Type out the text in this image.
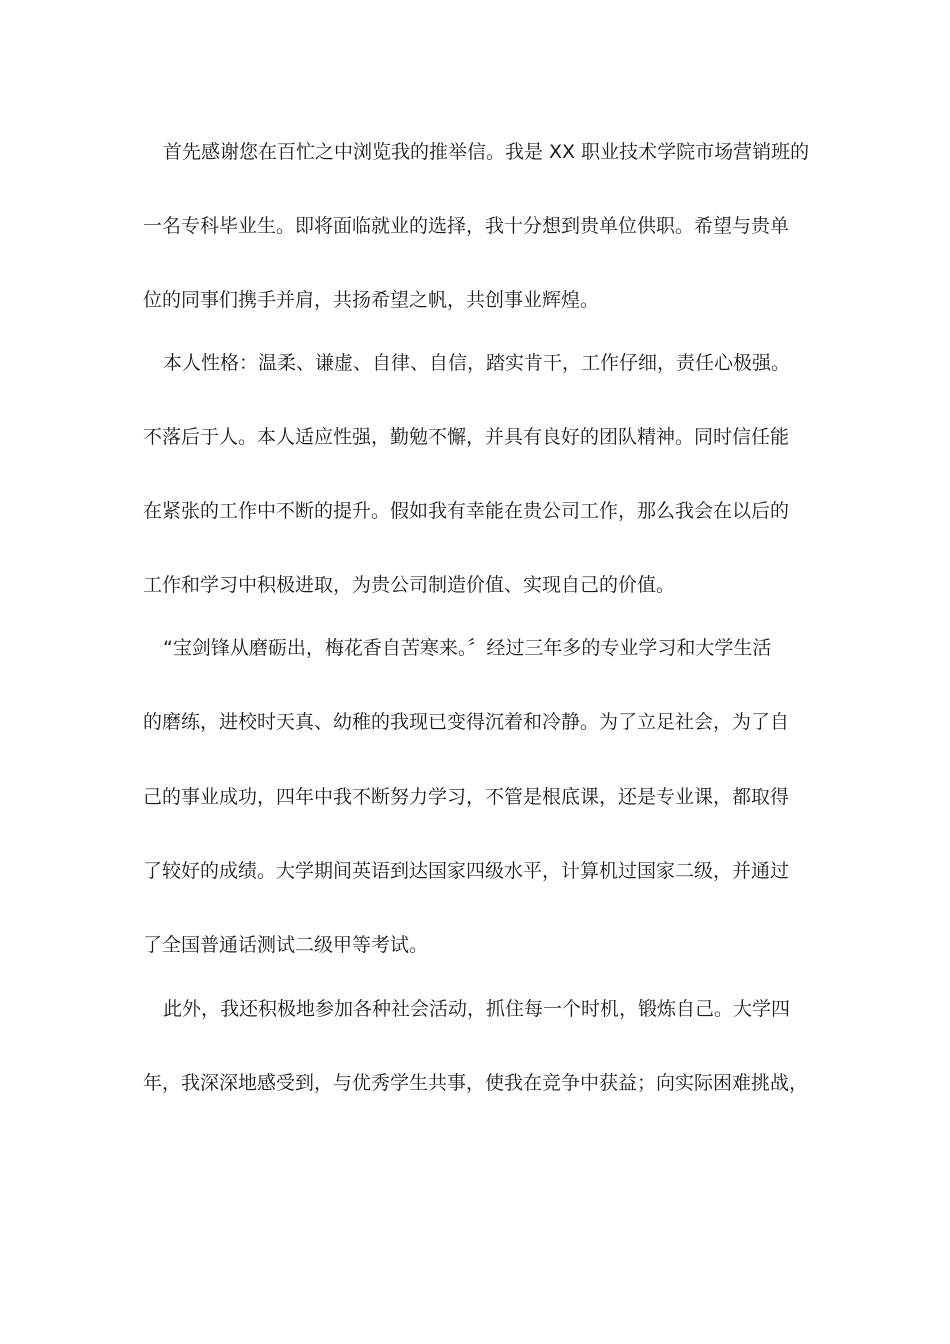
首先感谢您在百忙之中浏览我的推举信。我是 XX 职业技术学院市场营销班的

一名专科毕业生。即将面临就业的选择，我十分想到贵单位供职。希望与贵单

位的同事们携手并肩，共扬希望之帆，共创事业辉煌。

本人性格：温柔、谦虚、自律、自信，踏实肯干，工作仔细，责任心极强。

不落后于人。本人适应性强，勤勉不懈，并具有良好的团队精神。同时信任能

在紧张的工作中不断的提升。假如我有幸能在贵公司工作，那么我会在以后的

工作和学习中积极进取，为贵公司制造价值、实现自己的价值。

“宝剑锋从磨砺出，梅花香自苦寒来。〞经过三年多的专业学习和大学生活

的磨练，进校时天真、幼稚的我现已变得沉着和冷静。为了立足社会，为了自

己的事业成功，四年中我不断努力学习，不管是根底课，还是专业课，都取得

了较好的成绩。大学期间英语到达国家四级水平，计算机过国家二级，并通过

了全国普通话测试二级甲等考试。

此外，我还积极地参加各种社会活动，抓住每一个时机，锻炼自己。大学四

年，我深深地感受到，与优秀学生共事，使我在竞争中获益；向实际困难挑战，
